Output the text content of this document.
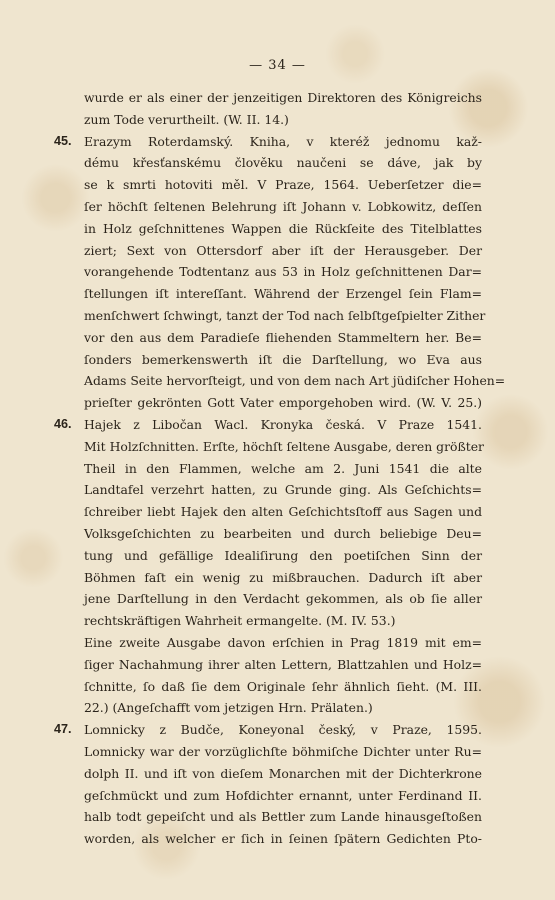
— 34 —
wurde er als einer der jenzeitigen Direktoren des Königreichs
zum Tode verurtheilt. (W. II. 14.)
Erazym Roterdamský. Kniha, v kteréž jednomu kaž-
dému křesťanskému člověku naučeni se dáve, jak by
se k smrti hotoviti měl. V Praze, 1564. Ueberſetzer die=
ſer höchſt ſeltenen Belehrung iſt Johann v. Lobkowitz, deſſen
in Holz geſchnittenes Wappen die Rückſeite des Titelblattes
ziert; Sext von Ottersdorf aber iſt der Herausgeber. Der
vorangehende Todtentanz aus 53 in Holz geſchnittenen Dar=
ſtellungen iſt intereſſant. Während der Erzengel ſein Flam=
menſchwert ſchwingt, tanzt der Tod nach ſelbſtgeſpielter Zither
vor den aus dem Paradieſe fliehenden Stammeltern her. Be=
ſonders bemerkenswerth iſt die Darſtellung, wo Eva aus
Adams Seite hervorſteigt, und von dem nach Art jüdiſcher Hohen=
prieſter gekrönten Gott Vater emporgehoben wird. (W. V. 25.)
Hajek z Libočan Wacl. Kronyka česká. V Praze 1541.
Mit Holzſchnitten. Erſte, höchſt ſeltene Ausgabe, deren größter
Theil in den Flammen, welche am 2. Juni 1541 die alte
Landtafel verzehrt hatten, zu Grunde ging. Als Geſchichts=
ſchreiber liebt Hajek den alten Geſchichtsſtoff aus Sagen und
Volksgeſchichten zu bearbeiten und durch beliebige Deu=
tung und gefällige Idealiſirung den poetiſchen Sinn der
Böhmen faſt ein wenig zu mißbrauchen. Dadurch iſt aber
jene Darſtellung in den Verdacht gekommen, als ob ſie aller
rechtskräftigen Wahrheit ermangelte. (M. IV. 53.)
Eine zweite Ausgabe davon erſchien in Prag 1819 mit em=
ſiger Nachahmung ihrer alten Lettern, Blattzahlen und Holz=
ſchnitte, ſo daß ſie dem Originale ſehr ähnlich ſieht. (M. III.
22.) (Angeſchafft vom jetzigen Hrn. Prälaten.)
Lomnicky z Budče, Koneyonal český, v Praze, 1595.
Lomnicky war der vorzüglichſte böhmiſche Dichter unter Ru=
dolph II. und iſt von dieſem Monarchen mit der Dichterkrone
geſchmückt und zum Hofdichter ernannt, unter Ferdinand II.
halb todt gepeiſcht und als Bettler zum Lande hinausgeſtoßen
worden, als welcher er ſich in ſeinen ſpätern Gedichten Pto-
45.
46.
47.
